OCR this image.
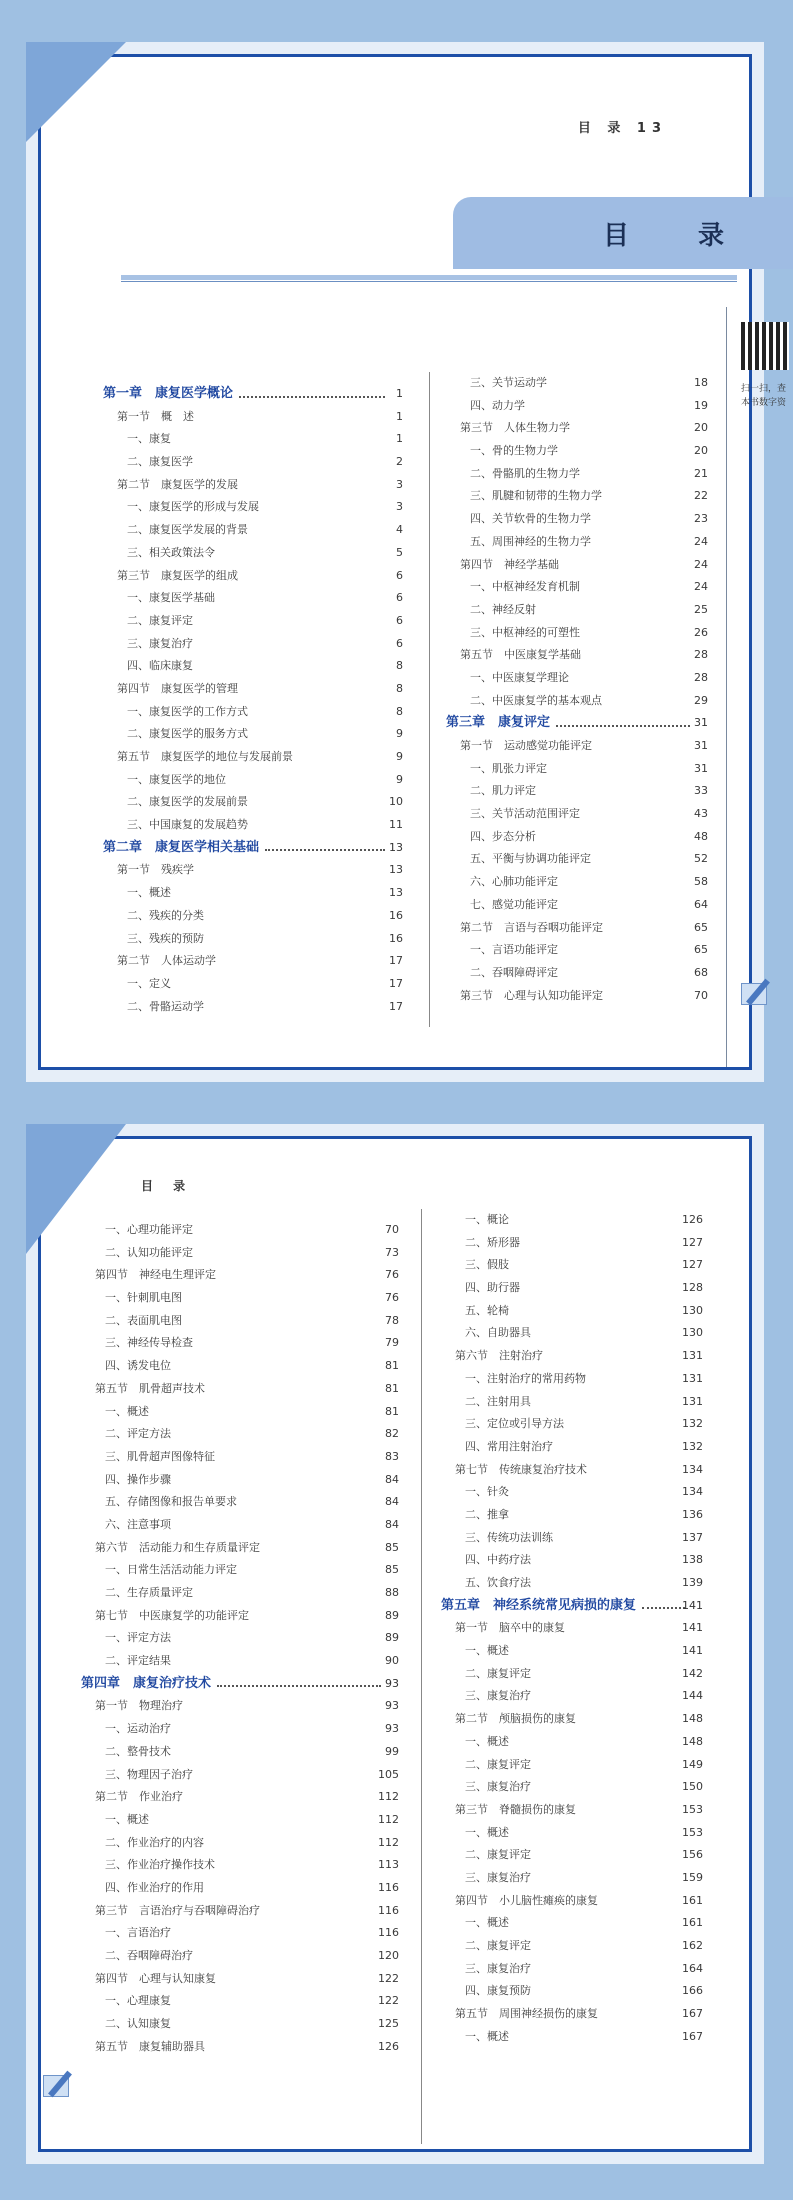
目 录 13
目 录
扫一扫，查
本书数字资
第一章　康复医学概论	1
第一节　概　述	1
一、康复	1
二、康复医学	2
第二节　康复医学的发展	3
一、康复医学的形成与发展	3
二、康复医学发展的背景	4
三、相关政策法令	5
第三节　康复医学的组成	6
一、康复医学基础	6
二、康复评定	6
三、康复治疗	6
四、临床康复	8
第四节　康复医学的管理	8
一、康复医学的工作方式	8
二、康复医学的服务方式	9
第五节　康复医学的地位与发展前景	9
一、康复医学的地位	9
二、康复医学的发展前景	10
三、中国康复的发展趋势	11
第二章　康复医学相关基础	13
第一节　残疾学	13
一、概述	13
二、残疾的分类	16
三、残疾的预防	16
第二节　人体运动学	17
一、定义	17
二、骨骼运动学	17
三、关节运动学	18
四、动力学	19
第三节　人体生物力学	20
一、骨的生物力学	20
二、骨骼肌的生物力学	21
三、肌腱和韧带的生物力学	22
四、关节软骨的生物力学	23
五、周围神经的生物力学	24
第四节　神经学基础	24
一、中枢神经发育机制	24
二、神经反射	25
三、中枢神经的可塑性	26
第五节　中医康复学基础	28
一、中医康复学理论	28
二、中医康复学的基本观点	29
第三章　康复评定	31
第一节　运动感觉功能评定	31
一、肌张力评定	31
二、肌力评定	33
三、关节活动范围评定	43
四、步态分析	48
五、平衡与协调功能评定	52
六、心肺功能评定	58
七、感觉功能评定	64
第二节　言语与吞咽功能评定	65
一、言语功能评定	65
二、吞咽障碍评定	68
第三节　心理与认知功能评定	70
目 录
一、心理功能评定	70
二、认知功能评定	73
第四节　神经电生理评定	76
一、针刺肌电图	76
二、表面肌电图	78
三、神经传导检查	79
四、诱发电位	81
第五节　肌骨超声技术	81
一、概述	81
二、评定方法	82
三、肌骨超声图像特征	83
四、操作步骤	84
五、存储图像和报告单要求	84
六、注意事项	84
第六节　活动能力和生存质量评定	85
一、日常生活活动能力评定	85
二、生存质量评定	88
第七节　中医康复学的功能评定	89
一、评定方法	89
二、评定结果	90
第四章　康复治疗技术	93
第一节　物理治疗	93
一、运动治疗	93
二、整骨技术	99
三、物理因子治疗	105
第二节　作业治疗	112
一、概述	112
二、作业治疗的内容	112
三、作业治疗操作技术	113
四、作业治疗的作用	116
第三节　言语治疗与吞咽障碍治疗	116
一、言语治疗	116
二、吞咽障碍治疗	120
第四节　心理与认知康复	122
一、心理康复	122
二、认知康复	125
第五节　康复辅助器具	126
一、概论	126
二、矫形器	127
三、假肢	127
四、助行器	128
五、轮椅	130
六、自助器具	130
第六节　注射治疗	131
一、注射治疗的常用药物	131
二、注射用具	131
三、定位或引导方法	132
四、常用注射治疗	132
第七节　传统康复治疗技术	134
一、针灸	134
二、推拿	136
三、传统功法训练	137
四、中药疗法	138
五、饮食疗法	139
第五章　神经系统常见病损的康复	141
第一节　脑卒中的康复	141
一、概述	141
二、康复评定	142
三、康复治疗	144
第二节　颅脑损伤的康复	148
一、概述	148
二、康复评定	149
三、康复治疗	150
第三节　脊髓损伤的康复	153
一、概述	153
二、康复评定	156
三、康复治疗	159
第四节　小儿脑性瘫痪的康复	161
一、概述	161
二、康复评定	162
三、康复治疗	164
四、康复预防	166
第五节　周围神经损伤的康复	167
一、概述	167
